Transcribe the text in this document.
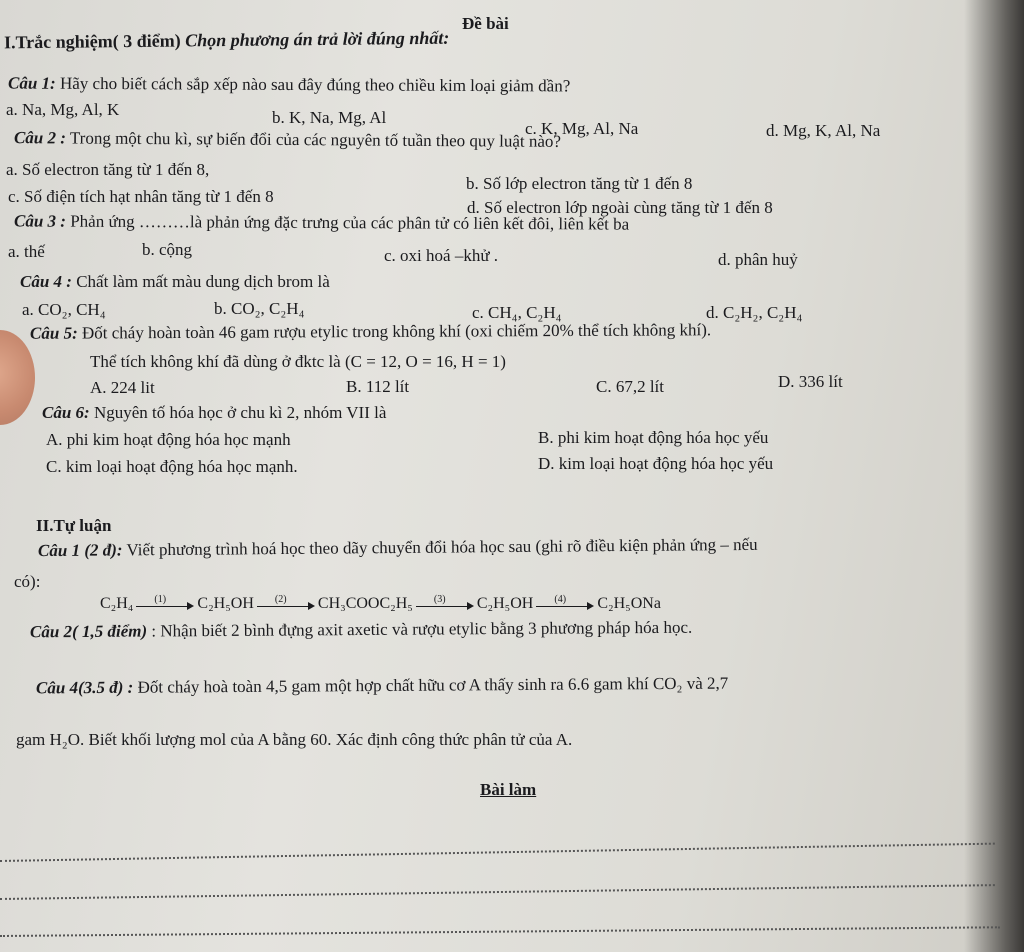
Đề bài
I.Trắc nghiệm( 3 điểm) Chọn phương án trả lời đúng nhất:
Câu 1: Hãy cho biết cách sắp xếp nào sau đây đúng theo chiều kim loại giảm dần?
a. Na, Mg, Al, K	b. K, Na, Mg, Al
c. K, Mg, Al, Na	d. Mg, K, Al, Na
Câu 2 : Trong một chu kì, sự biến đổi của các nguyên tố tuần theo quy luật nào?
a. Số electron tăng từ 1 đến 8,
b. Số lớp electron tăng từ 1 đến 8
c. Số điện tích hạt nhân tăng từ 1 đến 8
d. Số electron lớp ngoài cùng tăng từ 1 đến 8
Câu 3 : Phản ứng ………là phản ứng đặc trưng của các phân tử có liên kết đôi, liên kết ba
a. thế	b. cộng	c. oxi hoá –khử .	d. phân huỷ
Câu 4 : Chất làm mất màu dung dịch brom là
a. CO₂, CH₄	b. CO₂, C₂H₄	c. CH₄, C₂H₄	d. C₂H₂, C₂H₄
Câu 5: Đốt cháy hoàn toàn 46 gam rượu etylic trong không khí (oxi chiếm 20% thể tích không khí).
Thể tích không khí đã dùng ở đktc là (C = 12, O = 16, H = 1)
A. 224 lit	B. 112 lít	C. 67,2 lít	D. 336 lít
Câu 6: Nguyên tố hóa học ở chu kì 2, nhóm VII là
A. phi kim hoạt động hóa học mạnh	B. phi kim hoạt động hóa học yếu
C. kim loại hoạt động hóa học mạnh.	D. kim loại hoạt động hóa học yếu
II.Tự luận
Câu 1 (2 đ): Viết phương trình hoá học theo dãy chuyển đổi hóa học sau (ghi rõ điều kiện phản ứng – nếu
có):
C₂H₄ (1) C₂H₅OH (2) CH₃COOC₂H₅ (3) C₂H₅OH (4) C₂H₅ONa
Câu 2( 1,5 điểm) : Nhận biết 2 bình đựng axit axetic và rượu etylic bằng 3 phương pháp hóa học.
Câu 4(3.5 đ) : Đốt cháy hoà toàn 4,5 gam một hợp chất hữu cơ A thấy sinh ra 6.6 gam khí CO₂ và 2,7
gam H₂O. Biết khối lượng mol của A bằng 60. Xác định công thức phân tử của A.
Bài làm
